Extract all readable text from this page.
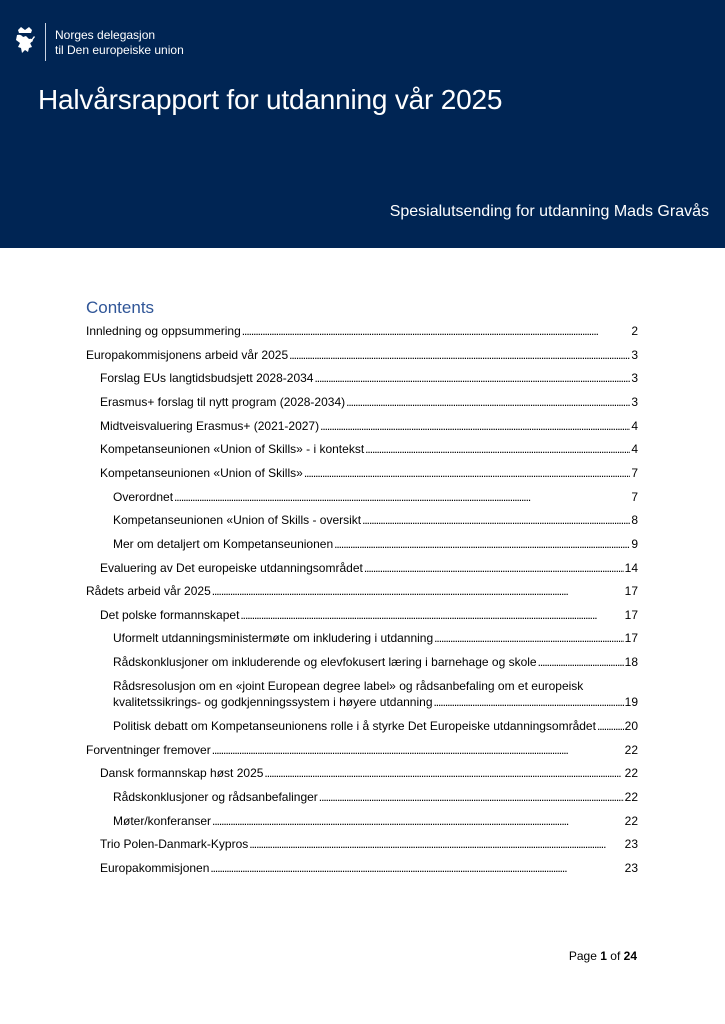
Norges delegasjon
til Den europeiske union
Halvårsrapport for utdanning vår 2025
Spesialutsending for utdanning Mads Gravås
Contents
Innledning og oppsummering . . .	2
Europakommisjonens arbeid vår 2025 . . .	3
Forslag EUs langtidsbudsjett 2028-2034 . . .	3
Erasmus+ forslag til nytt program (2028-2034) . . .	3
Midtveisvaluering Erasmus+ (2021-2027) . . .	4
Kompetanseunionen «Union of Skills» - i kontekst . . .	4
Kompetanseunionen «Union of Skills» . . .	7
Overordnet . . .	7
Kompetanseunionen «Union of Skills - oversikt . . .	8
Mer om detaljert om Kompetanseunionen . . .	9
Evaluering av Det europeiske utdanningsområdet . . .	14
Rådets arbeid vår 2025 . . .	17
Det polske formannskapet . . .	17
Uformelt utdanningsministermøte om inkludering i utdanning . . .	17
Rådskonklusjoner om inkluderende og elevfokusert læring i barnehage og skole . . .	18
Rådsresolusjon om en «joint European degree label» og rådsanbefaling om et europeisk
kvalitetssikrings- og godkjenningssystem i høyere utdanning . . .	19
Politisk debatt om Kompetanseunionens rolle i å styrke Det Europeiske utdanningsområdet . . . 20
Forventninger fremover . . .	22
Dansk formannskap høst 2025 . . .	22
Rådskonklusjoner og rådsanbefalinger . . .	22
Møter/konferanser . . .	22
Trio Polen-Danmark-Kypros . . .	23
Europakommisjonen . . .	23
Page 1 of 24
